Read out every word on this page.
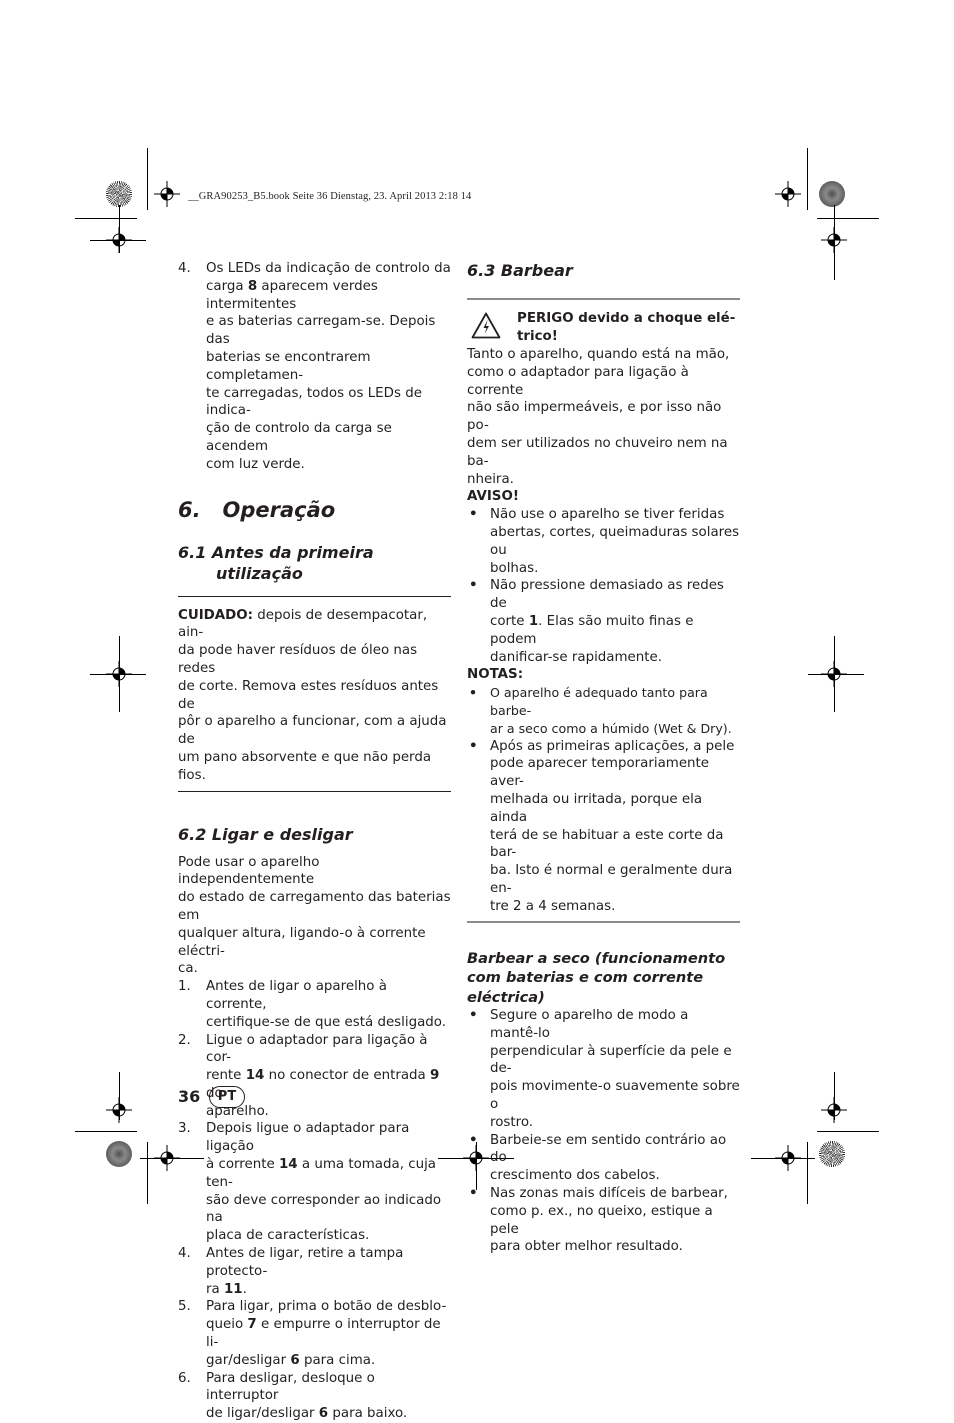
__GRA90253_B5.book Seite 36 Dienstag, 23. April 2013 2:18 14
4. Os LEDs da indicação de controlo da
carga 8 aparecem verdes intermitentes
e as baterias carregam-se. Depois das
baterias se encontrarem completamen-
te carregadas, todos os LEDs de indica-
ção de controlo da carga se acendem
com luz verde.
6.   Operação
6.1 Antes da primeira
utilização
CUIDADO: depois de desempacotar, ain-
da pode haver resíduos de óleo nas redes
de corte. Remova estes resíduos antes de
pôr o aparelho a funcionar, com a ajuda de
um pano absorvente e que não perda fios.
6.2 Ligar e desligar
Pode usar o aparelho independentemente
do estado de carregamento das baterias em
qualquer altura, ligando-o à corrente eléctri-
ca.
1. Antes de ligar o aparelho à corrente,
certifique-se de que está desligado.
2. Ligue o adaptador para ligação à cor-
rente 14 no conector de entrada 9 do
aparelho.
3. Depois ligue o adaptador para ligação
à corrente 14 a uma tomada, cuja ten-
são deve corresponder ao indicado na
placa de características.
4. Antes de ligar, retire a tampa protecto-
ra 11.
5. Para ligar, prima o botão de desblo-
queio 7 e empurre o interruptor de li-
gar/desligar 6 para cima.
6. Para desligar, desloque o interruptor
de ligar/desligar 6 para baixo.
6.3 Barbear
PERIGO devido a choque elé-
trico!
Tanto o aparelho, quando está na mão,
como o adaptador para ligação à corrente
não são impermeáveis, e por isso não po-
dem ser utilizados no chuveiro nem na ba-
nheira.
AVISO!
• Não use o aparelho se tiver feridas
abertas, cortes, queimaduras solares ou
bolhas.
• Não pressione demasiado as redes de
corte 1. Elas são muito finas e podem
danificar-se rapidamente.
NOTAS:
• O aparelho é adequado tanto para barbe-
ar a seco como a húmido (Wet & Dry).
• Após as primeiras aplicações, a pele
pode aparecer temporariamente aver-
melhada ou irritada, porque ela ainda
terá de se habituar a este corte da bar-
ba. Isto é normal e geralmente dura en-
tre 2 a 4 semanas.
Barbear a seco (funcionamento
com baterias e com corrente
eléctrica)
• Segure o aparelho de modo a mantê-lo
perpendicular à superfície da pele e de-
pois movimente-o suavemente sobre o
rostro.
• Barbeie-se em sentido contrário ao do
crescimento dos cabelos.
• Nas zonas mais difíceis de barbear,
como p. ex., no queixo, estique a pele
para obter melhor resultado.
36	PT
